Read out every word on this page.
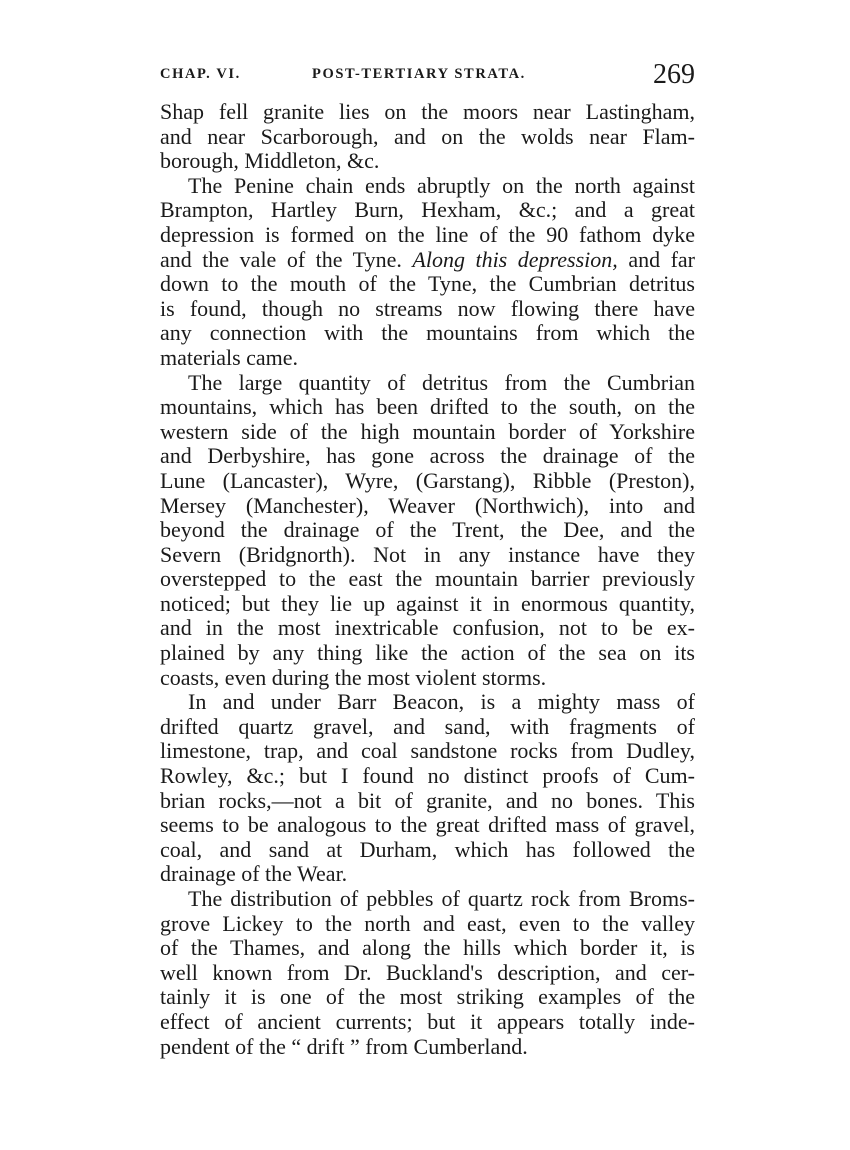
CHAP. VI.	POST-TERTIARY STRATA.	269
Shap fell granite lies on the moors near Lastingham,
and near Scarborough, and on the wolds near Flam-
borough, Middleton, &c.
The Penine chain ends abruptly on the north against
Brampton, Hartley Burn, Hexham, &c.; and a great
depression is formed on the line of the 90 fathom dyke
and the vale of the Tyne. Along this depression, and far
down to the mouth of the Tyne, the Cumbrian detritus
is found, though no streams now flowing there have
any connection with the mountains from which the
materials came.
The large quantity of detritus from the Cumbrian
mountains, which has been drifted to the south, on the
western side of the high mountain border of Yorkshire
and Derbyshire, has gone across the drainage of the
Lune (Lancaster), Wyre, (Garstang), Ribble (Preston),
Mersey (Manchester), Weaver (Northwich), into and
beyond the drainage of the Trent, the Dee, and the
Severn (Bridgnorth). Not in any instance have they
overstepped to the east the mountain barrier previously
noticed; but they lie up against it in enormous quantity,
and in the most inextricable confusion, not to be ex-
plained by any thing like the action of the sea on its
coasts, even during the most violent storms.
In and under Barr Beacon, is a mighty mass of
drifted quartz gravel, and sand, with fragments of
limestone, trap, and coal sandstone rocks from Dudley,
Rowley, &c.; but I found no distinct proofs of Cum-
brian rocks,—not a bit of granite, and no bones. This
seems to be analogous to the great drifted mass of gravel,
coal, and sand at Durham, which has followed the
drainage of the Wear.
The distribution of pebbles of quartz rock from Broms-
grove Lickey to the north and east, even to the valley
of the Thames, and along the hills which border it, is
well known from Dr. Buckland's description, and cer-
tainly it is one of the most striking examples of the
effect of ancient currents; but it appears totally inde-
pendent of the “ drift ” from Cumberland.
